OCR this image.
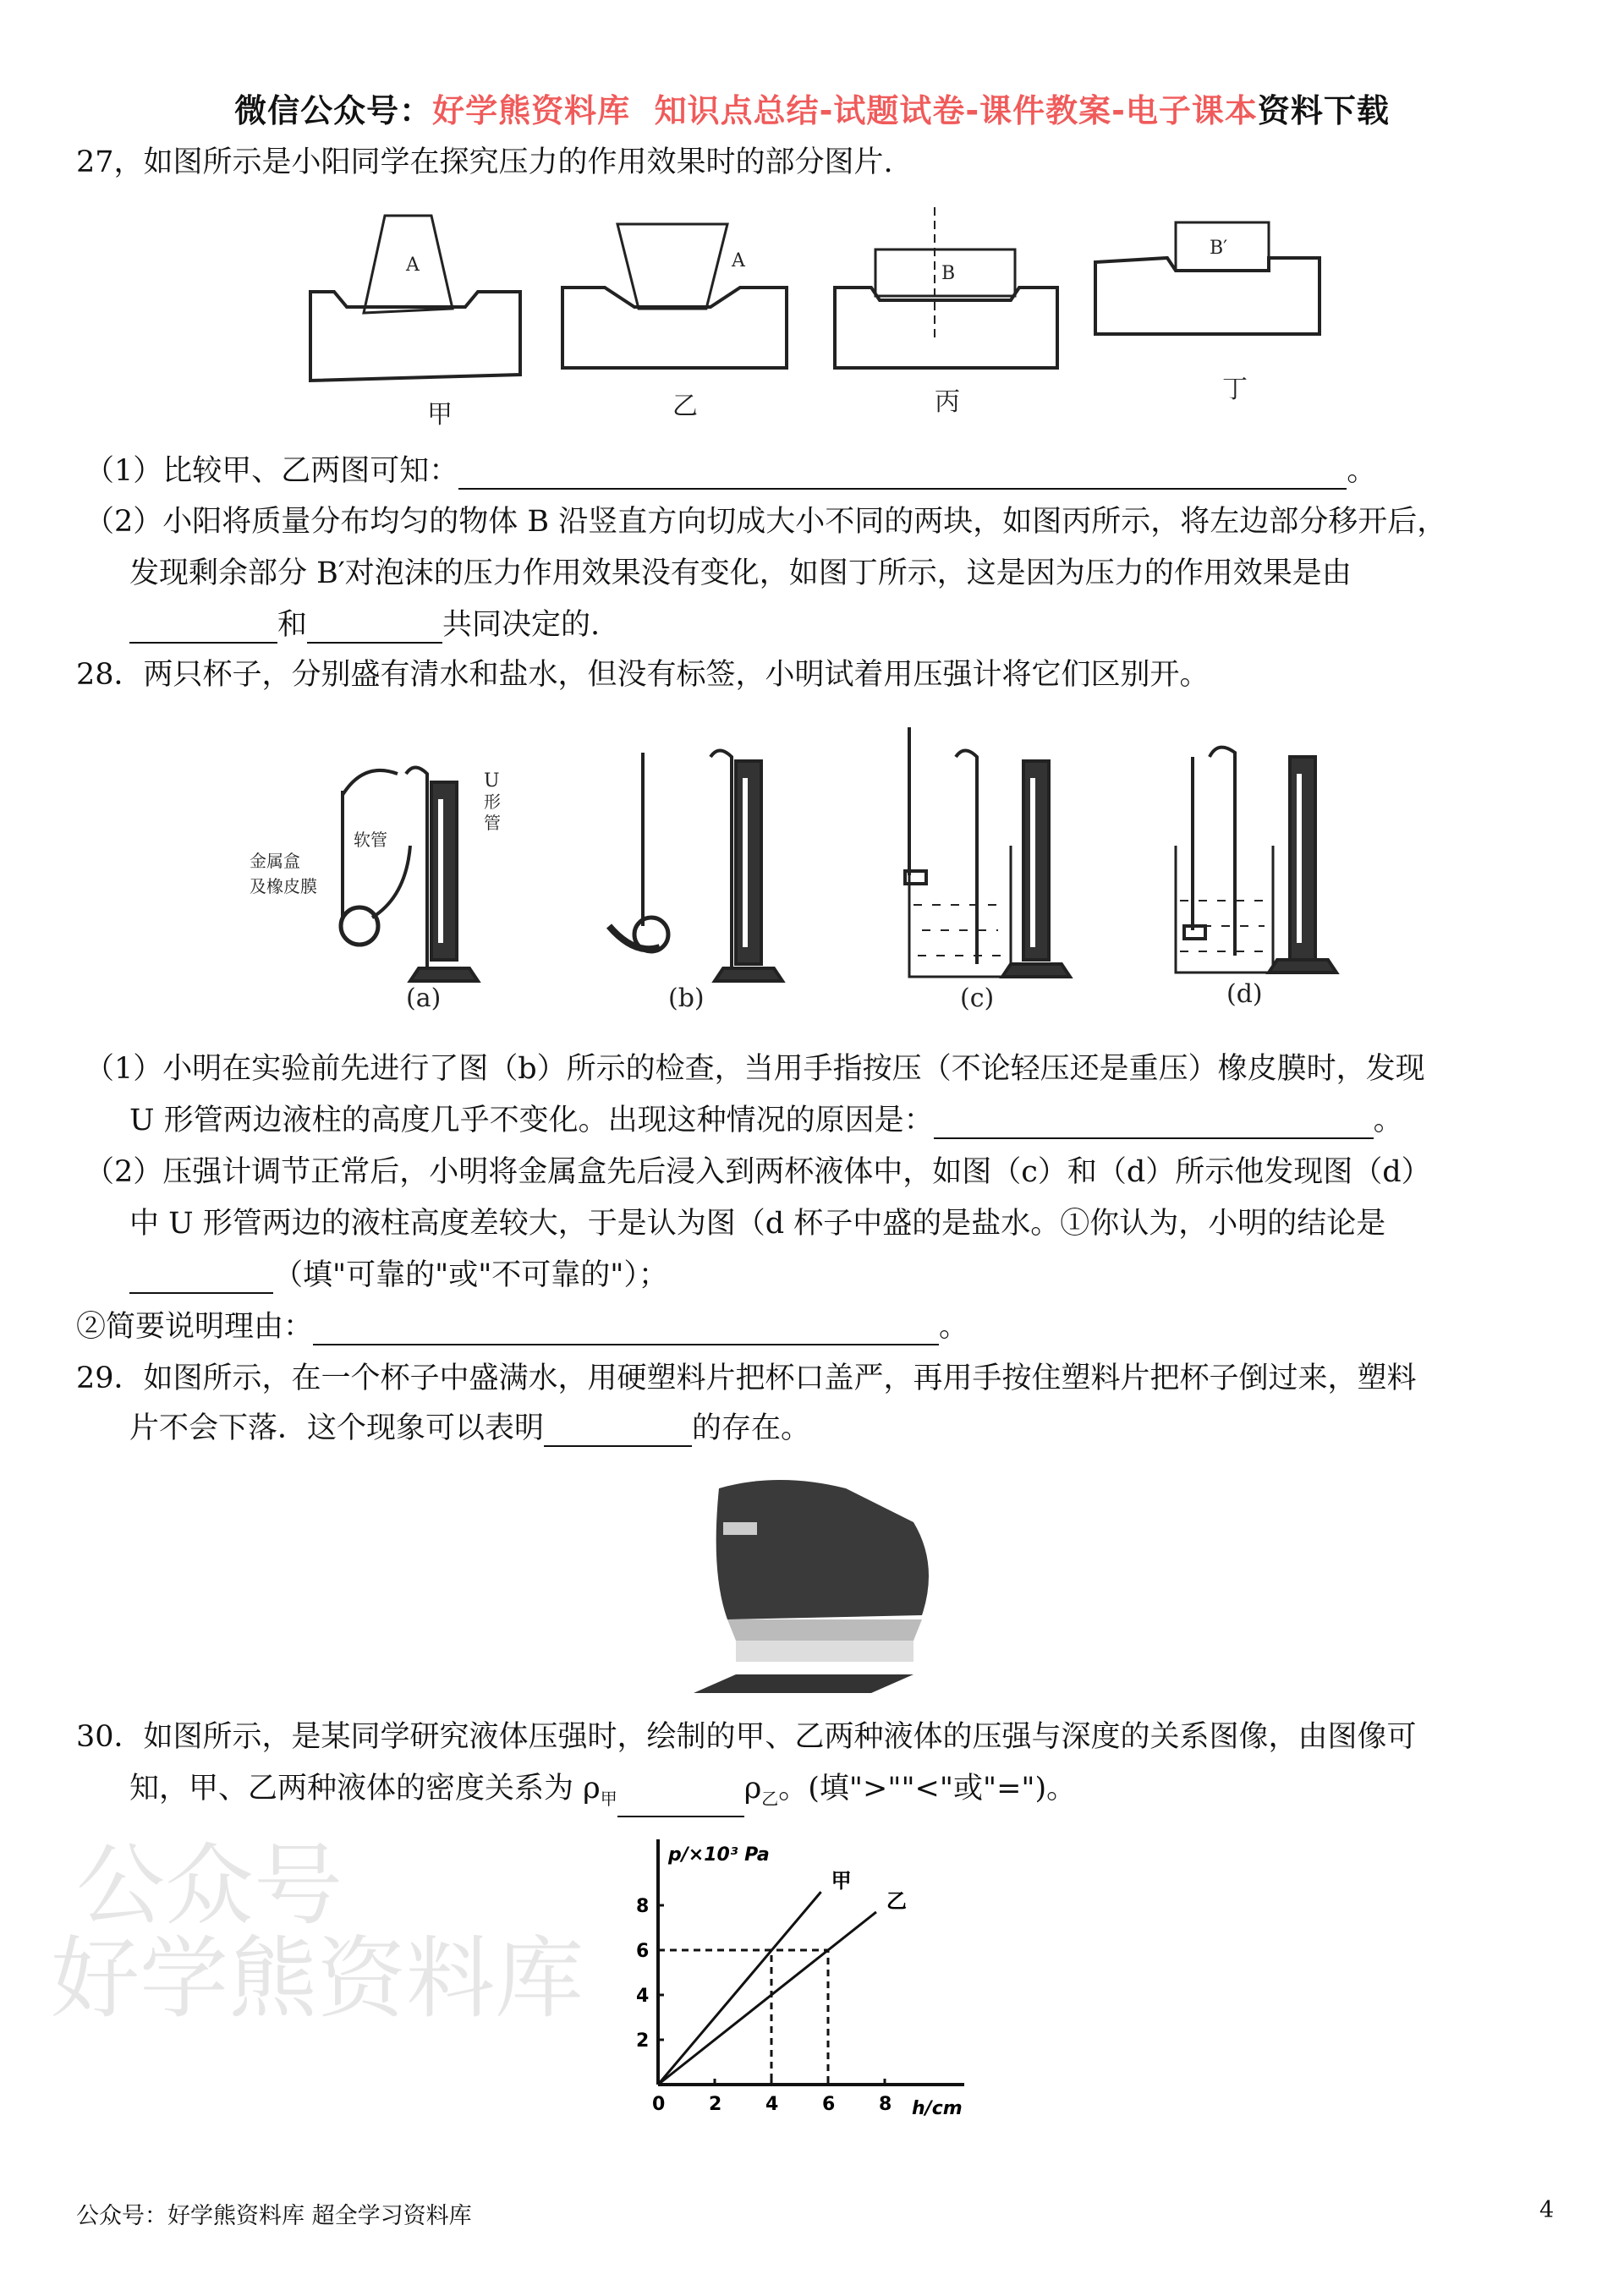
微信公众号：好学熊资料库 知识点总结-试题试卷-课件教案-电子课本资料下载
公众号
好学熊资料库
27，如图所示是小阳同学在探究压力的作用效果时的部分图片.
A
甲
A
乙
B
丙
B′
丁
（1）比较甲、乙两图可知：	。
（2）小阳将质量分布均匀的物体 B 沿竖直方向切成大小不同的两块，如图丙所示，将左边部分移开后，
发现剩余部分 B′对泡沫的压力作用效果没有变化，如图丁所示，这是因为压力的作用效果是由
和	共同决定的.
28．两只杯子，分别盛有清水和盐水，但没有标签，小明试着用压强计将它们区别开。
金属盒
及橡皮膜
软管
U
形
管
(a)	(b)	(c)	(d)
（1）小明在实验前先进行了图（b）所示的检查，当用手指按压（不论轻压还是重压）橡皮膜时，发现
U 形管两边液柱的高度几乎不变化。出现这种情况的原因是：	。
（2）压强计调节正常后，小明将金属盒先后浸入到两杯液体中，如图（c）和（d）所示他发现图（d）
中 U 形管两边的液柱高度差较大，于是认为图（d 杯子中盛的是盐水。①你认为，小明的结论是
（填"可靠的"或"不可靠的"）；
②简要说明理由：	。
29．如图所示，在一个杯子中盛满水，用硬塑料片把杯口盖严，再用手按住塑料片把杯子倒过来，塑料
片不会下落．这个现象可以表明	的存在。
30．如图所示，是某同学研究液体压强时，绘制的甲、乙两种液体的压强与深度的关系图像，由图像可
知，甲、乙两种液体的密度关系为 $\rho_甲$	$\rho_乙$。(填">""<"或"=")。
p/×10³ Pa
h/cm
0 2 4 6 8
2
4
6
8
甲
乙
公众号：好学熊资料库 超全学习资料库	4
